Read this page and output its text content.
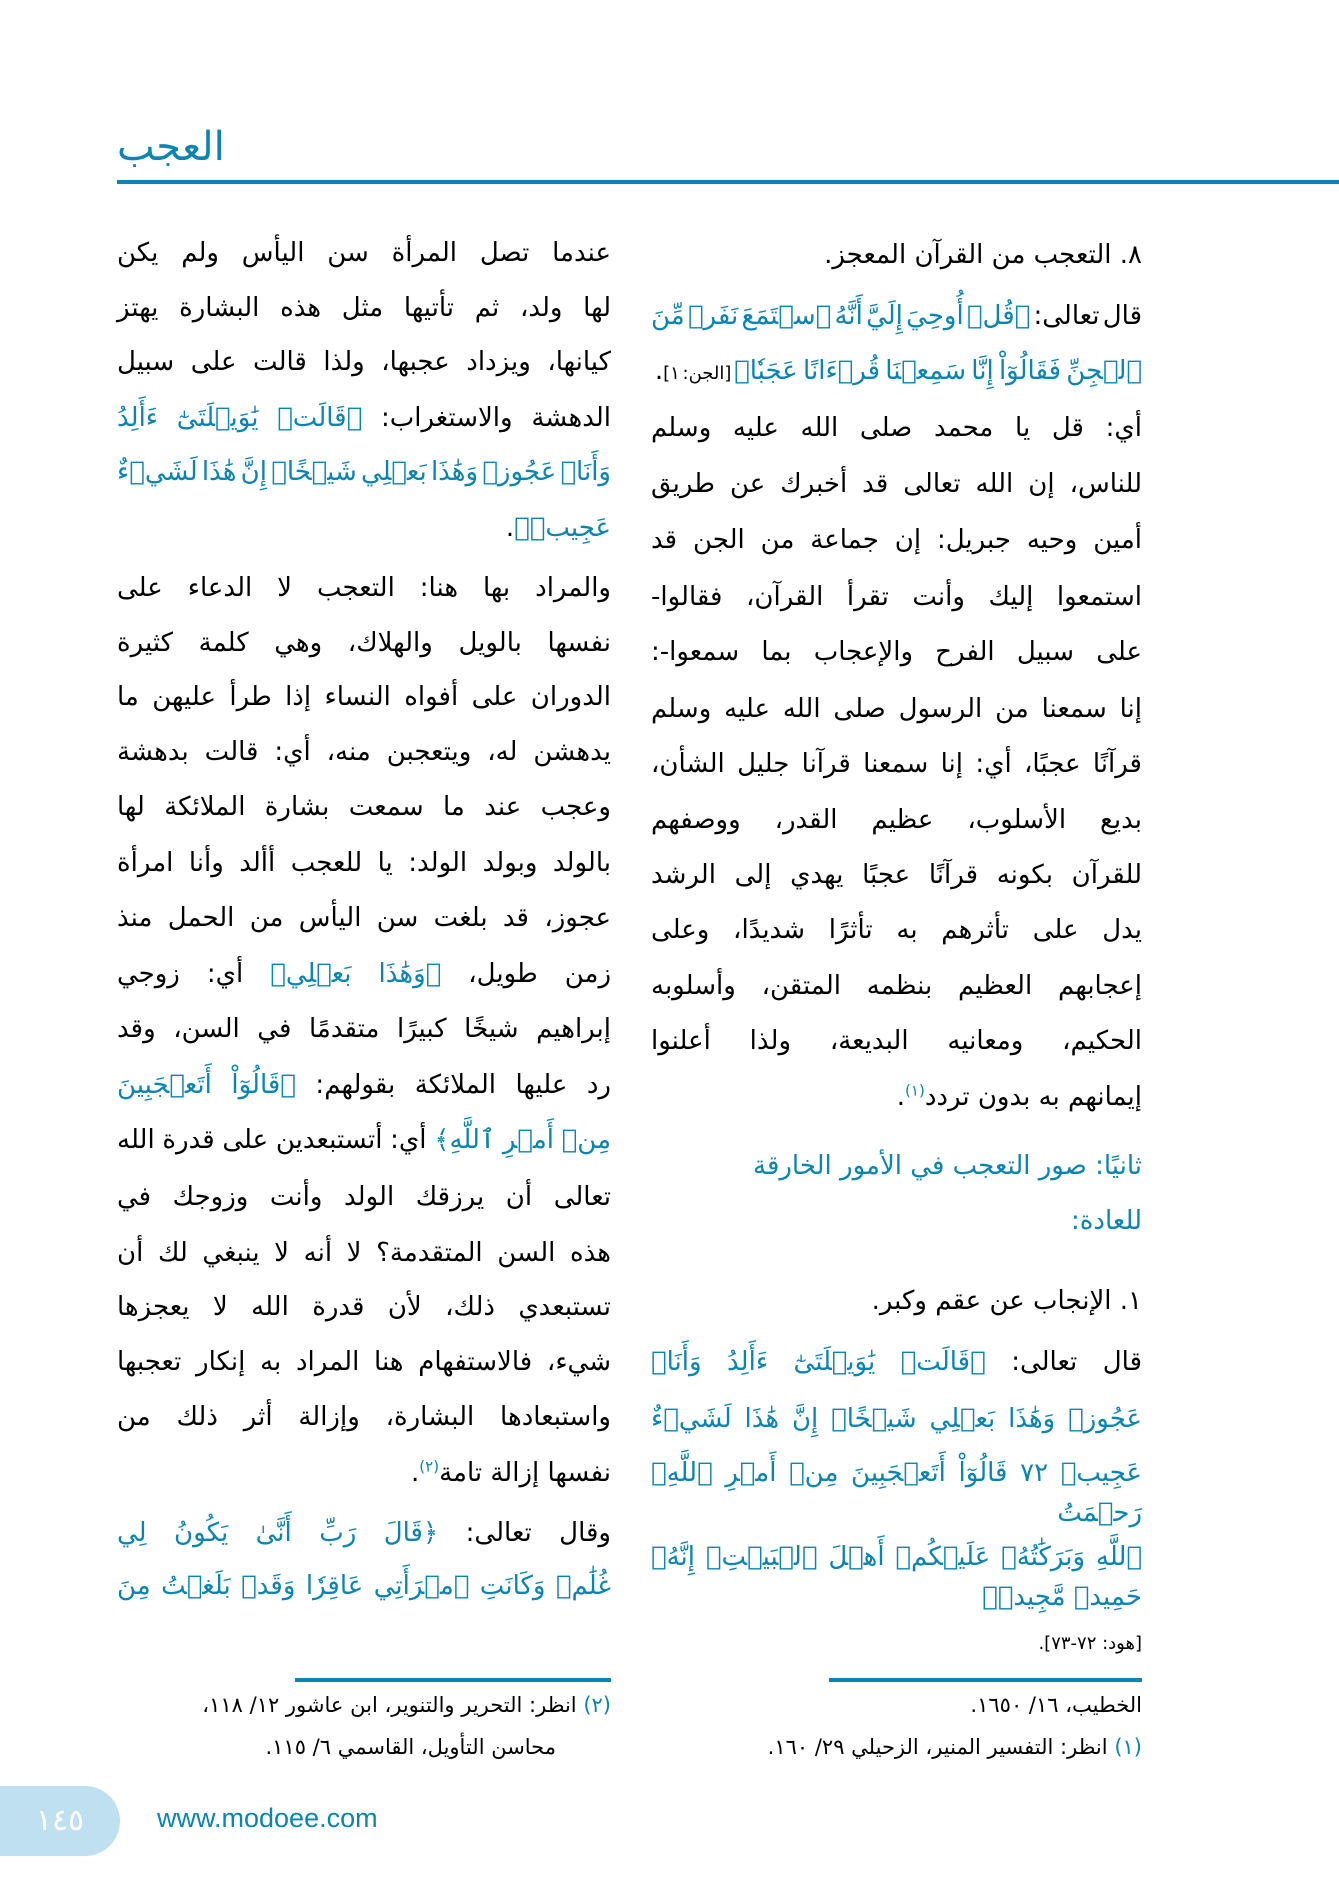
العجب
٨. التعجب من القرآن المعجز.
قال تعالى: ﴿قُلۡ أُوحِيَ إِلَيَّ أَنَّهُ ٱسۡتَمَعَ نَفَرٞ مِّنَ
ٱلۡجِنِّ فَقَالُوٓاْ إِنَّا سَمِعۡنَا قُرۡءَانًا عَجَبٗا﴾ [الجن: ١].
أي: قل يا محمد صلى الله عليه وسلم
للناس، إن الله تعالى قد أخبرك عن طريق
أمين وحيه جبريل: إن جماعة من الجن قد
استمعوا إليك وأنت تقرأ القرآن، فقالوا-
على سبيل الفرح والإعجاب بما سمعوا-:
إنا سمعنا من الرسول صلى الله عليه وسلم
قرآنًا عجبًا، أي: إنا سمعنا قرآنا جليل الشأن،
بديع الأسلوب، عظيم القدر، ووصفهم
للقرآن بكونه قرآنًا عجبًا يهدي إلى الرشد
يدل على تأثرهم به تأثرًا شديدًا، وعلى
إعجابهم العظيم بنظمه المتقن، وأسلوبه
الحكيم، ومعانيه البديعة، ولذا أعلنوا
إيمانهم به بدون تردد$^{(١)}$.
ثانيًا: صور التعجب في الأمور الخارقة
للعادة:
١. الإنجاب عن عقم وكبر.
قال تعالى: ﴿قَالَتۡ يَٰوَيۡلَتَىٰٓ ءَأَلِدُ وَأَنَا۠
عَجُوزٞ وَهَٰذَا بَعۡلِي شَيۡخًاۖ إِنَّ هَٰذَا لَشَيۡءٌ
عَجِيبٞ ٧٢ قَالُوٓاْ أَتَعۡجَبِينَ مِنۡ أَمۡرِ ٱللَّهِۖ رَحۡمَتُ
ٱللَّهِ وَبَرَكَٰتُهُۥ عَلَيۡكُمۡ أَهۡلَ ٱلۡبَيۡتِۚ إِنَّهُۥ حَمِيدٞ مَّجِيدٞ﴾
[هود: ٧٢-٧٣].
عندما تصل المرأة سن اليأس ولم يكن
لها ولد، ثم تأتيها مثل هذه البشارة يهتز
كيانها، ويزداد عجبها، ولذا قالت على سبيل
الدهشة والاستغراب: ﴿قَالَتۡ يَٰوَيۡلَتَىٰٓ ءَأَلِدُ
وَأَنَا۠ عَجُوزٞ وَهَٰذَا بَعۡلِي شَيۡخًاۖ إِنَّ هَٰذَا لَشَيۡءٌ
عَجِيبٞ﴾.
والمراد بها هنا: التعجب لا الدعاء على
نفسها بالويل والهلاك، وهي كلمة كثيرة
الدوران على أفواه النساء إذا طرأ عليهن ما
يدهشن له، ويتعجبن منه، أي: قالت بدهشة
وعجب عند ما سمعت بشارة الملائكة لها
بالولد وبولد الولد: يا للعجب أألد وأنا امرأة
عجوز، قد بلغت سن اليأس من الحمل منذ
زمن طويل، ﴿وَهَٰذَا بَعۡلِي﴾ أي: زوجي
إبراهيم شيخًا كبيرًا متقدمًا في السن، وقد
رد عليها الملائكة بقولهم: ﴿قَالُوٓاْ أَتَعۡجَبِينَ
مِنۡ أَمۡرِ ٱللَّهِ﴾ أي: أتستبعدين على قدرة الله
تعالى أن يرزقك الولد وأنت وزوجك في
هذه السن المتقدمة؟ لا أنه لا ينبغي لك أن
تستبعدي ذلك، لأن قدرة الله لا يعجزها
شيء، فالاستفهام هنا المراد به إنكار تعجبها
واستبعادها البشارة، وإزالة أثر ذلك من
نفسها إزالة تامة$^{(٢)}$.
وقال تعالى: ﴿قَالَ رَبِّ أَنَّىٰ يَكُونُ لِي
غُلَٰمٞ وَكَانَتِ ٱمۡرَأَتِي عَاقِرٗا وَقَدۡ بَلَغۡتُ مِنَ
الخطيب، ١٦/ ١٦٥٠.
(١) انظر: التفسير المنير، الزحيلي ٢٩/ ١٦٠.
(٢) انظر: التحرير والتنوير، ابن عاشور ١٢/ ١١٨،
محاسن التأويل، القاسمي ٦/ ١١٥.
١٤٥	www.modoee.com
